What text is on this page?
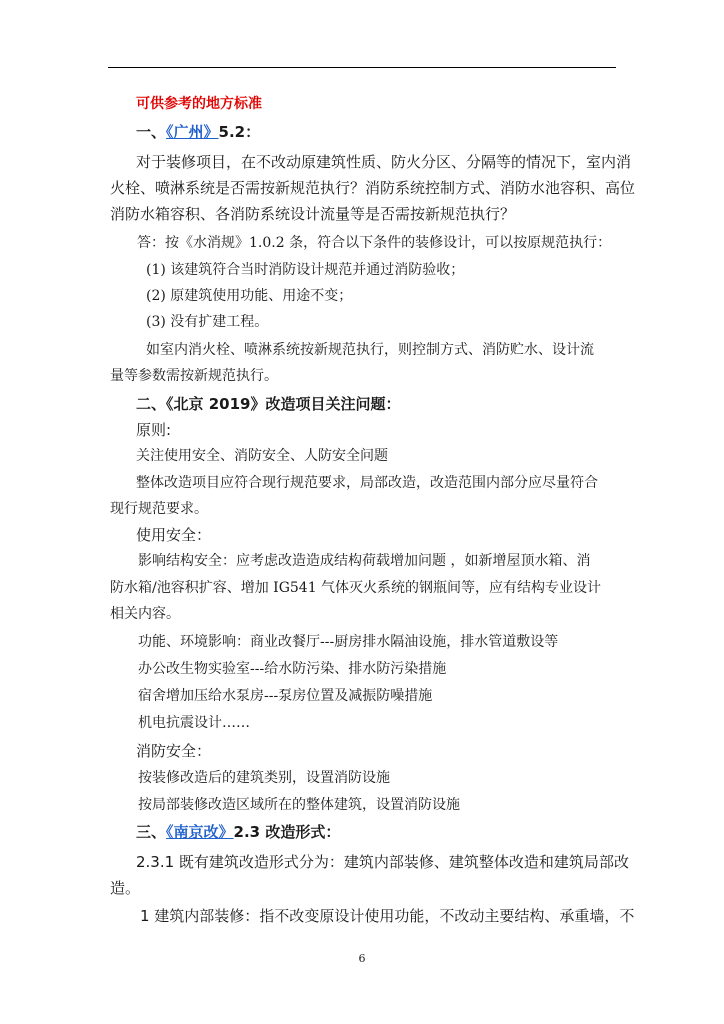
可供参考的地方标准
一、《广州》5.2：
对于装修项目，在不改动原建筑性质、防火分区、分隔等的情况下，室内消
火栓、喷淋系统是否需按新规范执行？消防系统控制方式、消防水池容积、高位
消防水箱容积、各消防系统设计流量等是否需按新规范执行？
答：按《水消规》1.0.2 条，符合以下条件的装修设计，可以按原规范执行：
(1) 该建筑符合当时消防设计规范并通过消防验收；
(2) 原建筑使用功能、用途不变；
(3) 没有扩建工程。
如室内消火栓、喷淋系统按新规范执行，则控制方式、消防贮水、设计流
量等参数需按新规范执行。
二、《北京 2019》改造项目关注问题：
原则:
关注使用安全、消防安全、人防安全问题
整体改造项目应符合现行规范要求，局部改造，改造范围内部分应尽量符合
现行规范要求。
使用安全：
影响结构安全：应考虑改造造成结构荷载增加问题 ，如新增屋顶水箱、消
防水箱/池容积扩容、增加 IG541 气体灭火系统的钢瓶间等，应有结构专业设计
相关内容。
功能、环境影响：商业改餐厅---厨房排水隔油设施，排水管道敷设等
办公改生物实验室---给水防污染、排水防污染措施
宿舍增加压给水泵房---泵房位置及减振防噪措施
机电抗震设计……
消防安全：
按装修改造后的建筑类别，设置消防设施
按局部装修改造区域所在的整体建筑，设置消防设施
三、《南京改》2.3 改造形式：
2.3.1 既有建筑改造形式分为：建筑内部装修、建筑整体改造和建筑局部改
造。
1 建筑内部装修：指不改变原设计使用功能，不改动主要结构、承重墙，不
6
